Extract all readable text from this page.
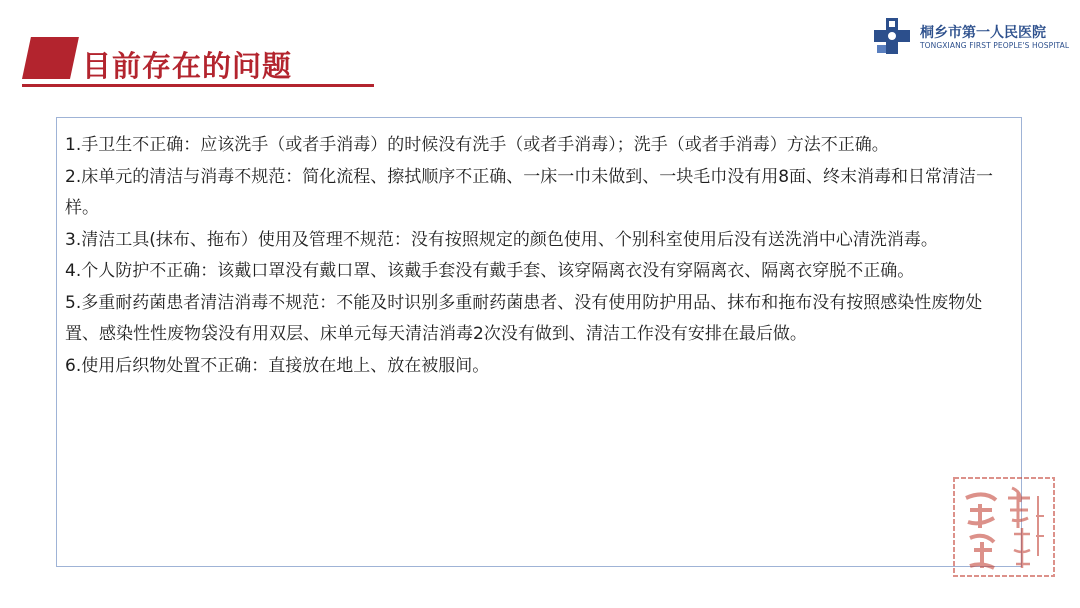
目前存在的问题
桐乡市第一人民医院
TONGXIANG FIRST PEOPLE'S HOSPITAL

1.手卫生不正确：应该洗手（或者手消毒）的时候没有洗手（或者手消毒）；洗手（或者手消毒）方法不正确。

2.床单元的清洁与消毒不规范：简化流程、擦拭顺序不正确、一床一巾未做到、一块毛巾没有用8面、终末消毒和日常清洁一样。

3.清洁工具(抹布、拖布）使用及管理不规范：没有按照规定的颜色使用、个别科室使用后没有送洗消中心清洗消毒。

4.个人防护不正确：该戴口罩没有戴口罩、该戴手套没有戴手套、该穿隔离衣没有穿隔离衣、隔离衣穿脱不正确。

5.多重耐药菌患者清洁消毒不规范：不能及时识别多重耐药菌患者、没有使用防护用品、抹布和拖布没有按照感染性废物处置、感染性性废物袋没有用双层、床单元每天清洁消毒2次没有做到、清洁工作没有安排在最后做。

6.使用后织物处置不正确：直接放在地上、放在被服间。
